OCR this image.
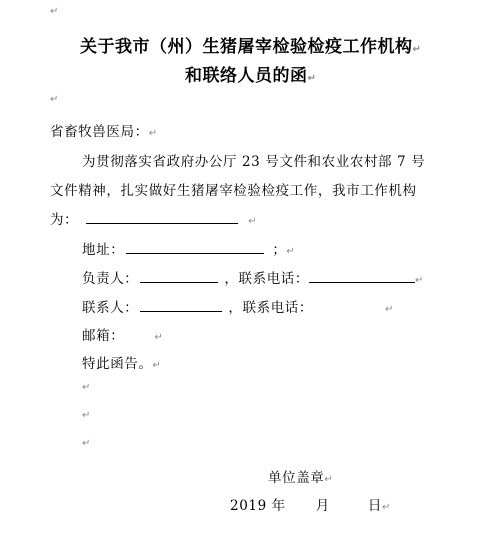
↵
关于我市（州）生猪屠宰检验检疫工作机构↵
和联络人员的函↵
↵
省畜牧兽医局：↵
为贯彻落实省政府办公厅 23 号文件和农业农村部 7 号
文件精神，扎实做好生猪屠宰检验检疫工作，我市工作机构
为：	↵
地址：	；↵
负责人：	，联系电话：	↵
联系人：	，联系电话：	↵
邮箱：	↵
特此函告。↵
↵
↵
↵
单位盖章↵
2019 年 月	日↵
